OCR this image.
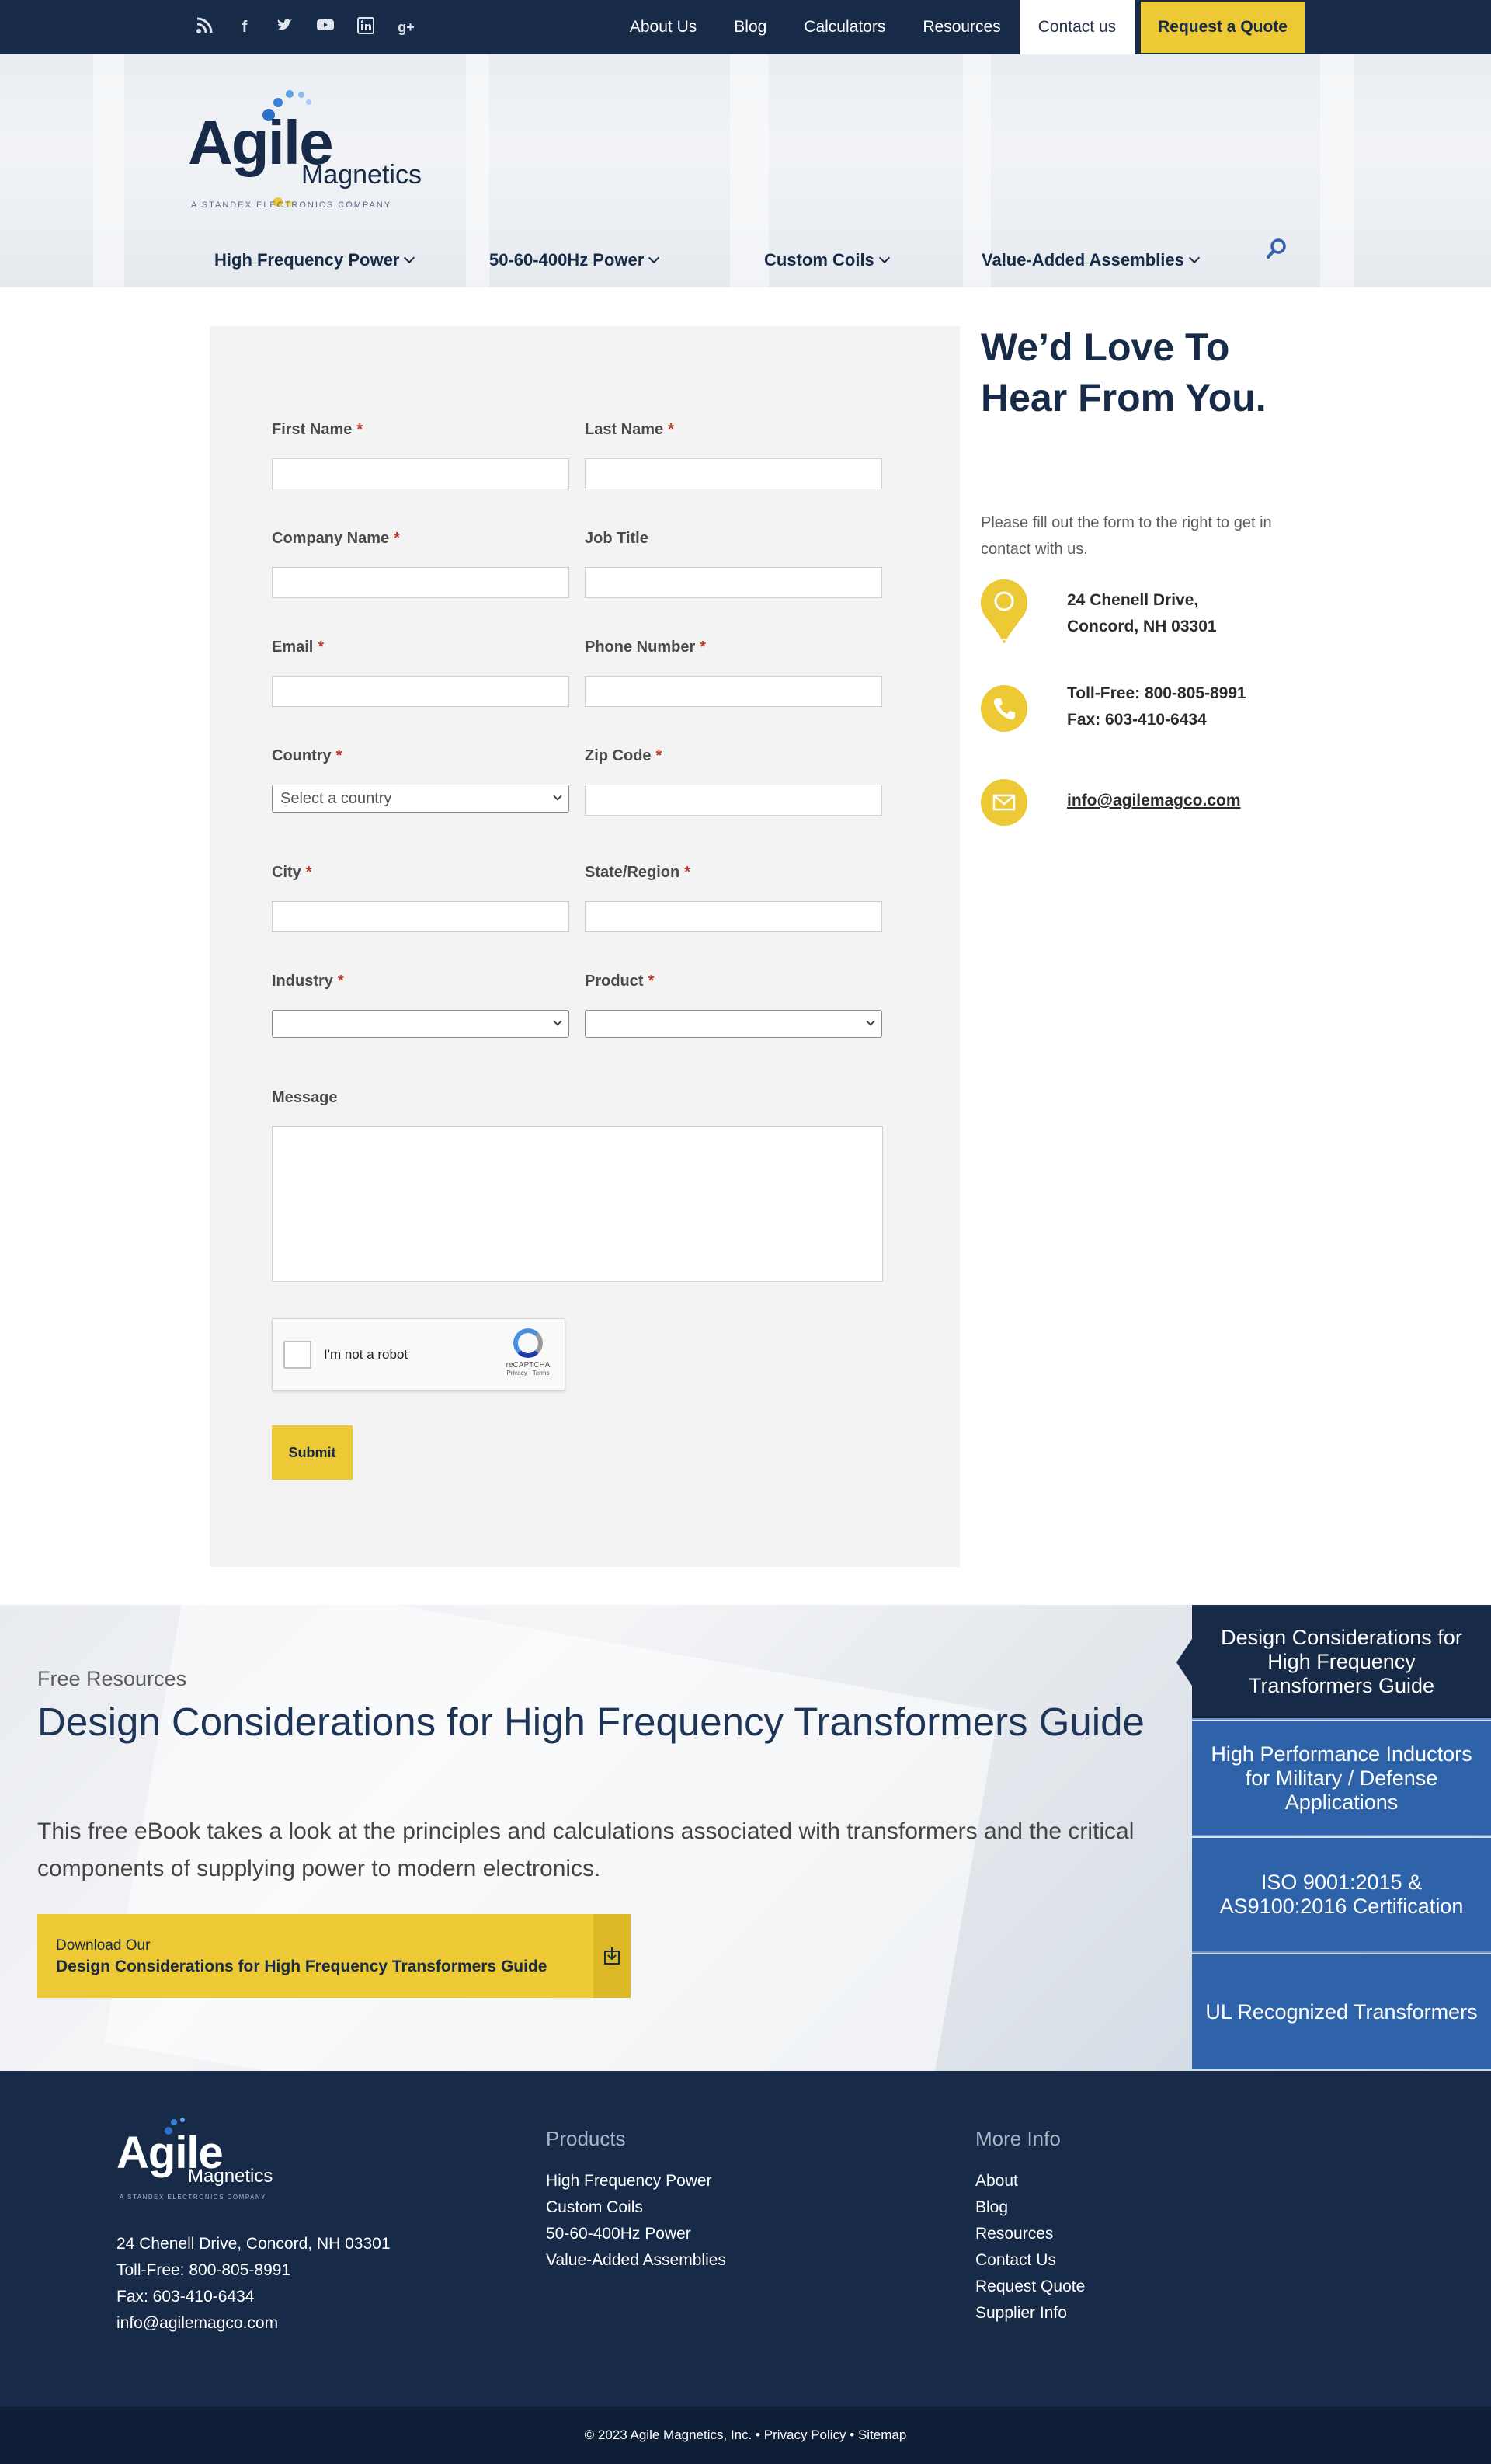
f	g+	About Us	Blog	Calculators	Resources	Contact us	Request a Quote
Agile
Magnetics
A STANDEX ELECTRONICS COMPANY
High Frequency Power	50-60-400Hz Power	Custom Coils	Value-Added Assemblies
First Name *	Last Name *
Company Name *	Job Title
Email *	Phone Number *
Country *	Zip Code *
Select a country
City *	State/Region *
Industry *	Product *
Message
I'm not a robot
reCAPTCHA
Privacy - Terms
Submit
We’d Love To Hear From You.
Please fill out the form to the right to get in contact with us.
24 Chenell Drive,
Concord, NH 03301
Toll-Free: 800-805-8991
Fax: 603-410-6434
info@agilemagco.com
Free Resources
Design Considerations for High Frequency Transformers Guide
This free eBook takes a look at the principles and calculations associated with transformers and the critical components of supplying power to modern electronics.
Download Our
Design Considerations for High Frequency Transformers Guide
Design Considerations for High Frequency Transformers Guide
High Performance Inductors for Military / Defense Applications
ISO 9001:2015 & AS9100:2016 Certification
UL Recognized Transformers
Agile
Magnetics
A STANDEX ELECTRONICS COMPANY
24 Chenell Drive, Concord, NH 03301
Toll-Free: 800-805-8991
Fax: 603-410-6434
info@agilemagco.com
Products
High Frequency Power
Custom Coils
50-60-400Hz Power
Value-Added Assemblies
More Info
About
Blog
Resources
Contact Us
Request Quote
Supplier Info
© 2023 Agile Magnetics, Inc. • Privacy Policy • Sitemap
